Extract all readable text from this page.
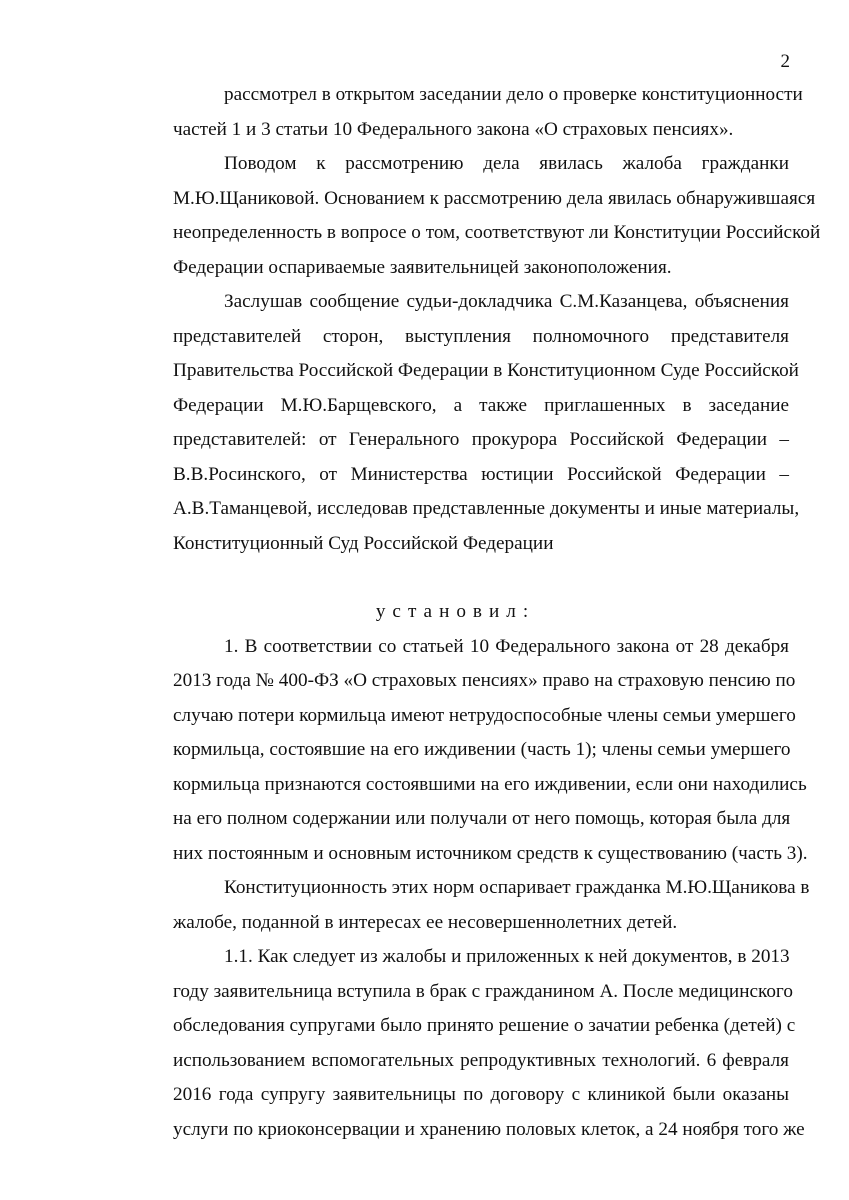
2
рассмотрел в открытом заседании дело о проверке конституционности
частей 1 и 3 статьи 10 Федерального закона «О страховых пенсиях».
Поводом к рассмотрению дела явилась жалоба гражданки
М.Ю.Щаниковой. Основанием к рассмотрению дела явилась обнаружившаяся
неопределенность в вопросе о том, соответствуют ли Конституции Российской
Федерации оспариваемые заявительницей законоположения.
Заслушав сообщение судьи-докладчика С.М.Казанцева, объяснения
представителей сторон, выступления полномочного представителя
Правительства Российской Федерации в Конституционном Суде Российской
Федерации М.Ю.Барщевского, а также приглашенных в заседание
представителей: от Генерального прокурора Российской Федерации –
В.В.Росинского, от Министерства юстиции Российской Федерации –
А.В.Таманцевой, исследовав представленные документы и иные материалы,
Конституционный Суд Российской Федерации
установил:
1. В соответствии со статьей 10 Федерального закона от 28 декабря
2013 года № 400-ФЗ «О страховых пенсиях» право на страховую пенсию по
случаю потери кормильца имеют нетрудоспособные члены семьи умершего
кормильца, состоявшие на его иждивении (часть 1); члены семьи умершего
кормильца признаются состоявшими на его иждивении, если они находились
на его полном содержании или получали от него помощь, которая была для
них постоянным и основным источником средств к существованию (часть 3).
Конституционность этих норм оспаривает гражданка М.Ю.Щаникова в
жалобе, поданной в интересах ее несовершеннолетних детей.
1.1. Как следует из жалобы и приложенных к ней документов, в 2013
году заявительница вступила в брак с гражданином А. После медицинского
обследования супругами было принято решение о зачатии ребенка (детей) с
использованием вспомогательных репродуктивных технологий. 6 февраля
2016 года супругу заявительницы по договору с клиникой были оказаны
услуги по криоконсервации и хранению половых клеток, а 24 ноября того же
